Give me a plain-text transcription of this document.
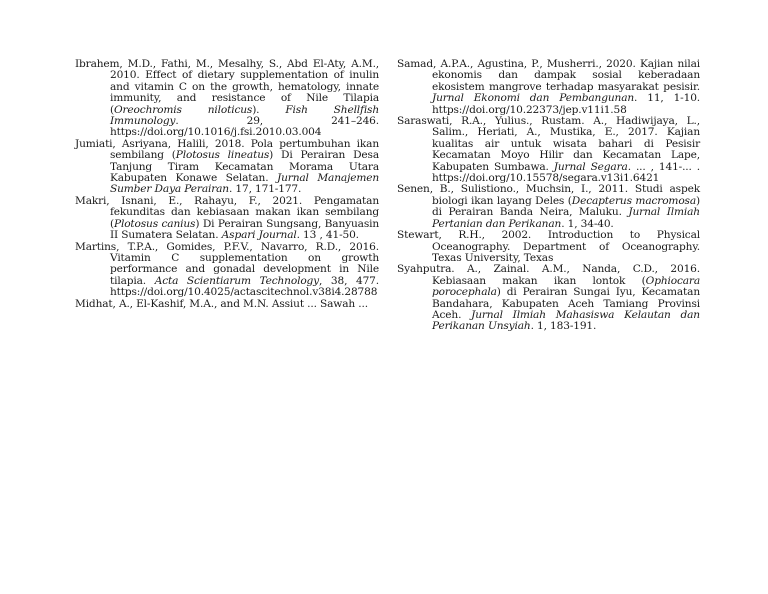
Ibrahem, M.D., Fathi, M., Mesalhy, S., Abd El-Aty, A.M., 2010. Effect of dietary supplementation of inulin and vitamin C on the growth, hematology, innate immunity, and resistance of Nile Tilapia (Oreochromis niloticus). Fish Shellfish Immunology. 29, 241–246. https://doi.org/10.1016/j.fsi.2010.03.004

Jumiati, Asriyana, Halili, 2018. Pola pertumbuhan ikan sembilang (Plotosus lineatus) Di Perairan Desa Tanjung Tiram Kecamatan Morama Utara Kabupaten Konawe Selatan. Jurnal Manajemen Sumber Daya Perairan. 17, 171-177.

Makri, Isnani, E., Rahayu, F., 2021. Pengamatan fekunditas dan kebiasaan makan ikan sembilang (Plotosus canius) Di Perairan Sungsang, Banyuasin II Sumatera Selatan. Aspari Journal. 13 , 41-50.

Martins, T.P.A., Gomides, P.F.V., Navarro, R.D., 2016. Vitamin C supplementation on growth performance and gonadal development in Nile tilapia. Acta Scientiarum Technology, 38, 477. https://doi.org/10.4025/actascitechnol.v38i4.28788

Midhat, A., El-Kashif, M.A., and M.N. Assiut ... Sawah ...

Samad, A.P.A., Agustina, P., Musherri., 2020. Kajian nilai ekonomis dan dampak sosial keberadaan ekosistem mangrove terhadap masyarakat pesisir. Jurnal Ekonomi dan Pembangunan. 11, 1-10. https://doi.org/10.22373/jep.v11i1.58

Saraswati, R.A., Yulius., Rustam. A., Hadiwijaya, L., Salim., Heriati, A., Mustika, E., 2017. Kajian kualitas air untuk wisata bahari di Pesisir Kecamatan Moyo Hilir dan Kecamatan Lape, Kabupaten Sumbawa. Jurnal Segara. ... , 141-... . https://doi.org/10.15578/segara.v13i1.6421

Senen, B., Sulistiono., Muchsin, I., 2011. Studi aspek biologi ikan layang Deles (Decapterus macromosa) di Perairan Banda Neira, Maluku. Jurnal Ilmiah Pertanian dan Perikanan. 1, 34-40.

Stewart, R.H., 2002. Introduction to Physical Oceanography. Department of Oceanography. Texas University, Texas

Syahputra. A., Zainal. A.M., Nanda, C.D., 2016. Kebiasaan makan ikan lontok (Ophiocara porocephala) di Perairan Sungai Iyu, Kecamatan Bandahara, Kabupaten Aceh Tamiang Provinsi Aceh. Jurnal Ilmiah Mahasiswa Kelautan dan Perikanan Unsyiah. 1, 183-191.
